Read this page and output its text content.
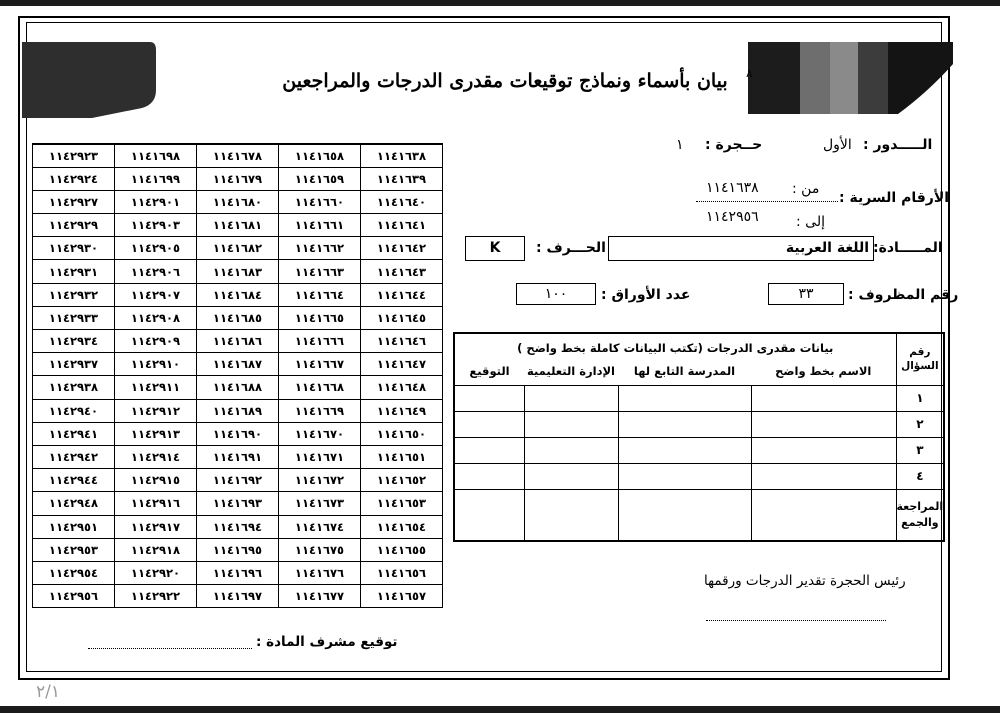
بيان بأسماء ونماذج توقيعات مقدرى الدرجات والمراجعين	٨
١١٤٢٩٢٣	١١٤١٦٩٨	١١٤١٦٧٨	١١٤١٦٥٨	١١٤١٦٣٨
١١٤٢٩٢٤	١١٤١٦٩٩	١١٤١٦٧٩	١١٤١٦٥٩	١١٤١٦٣٩
١١٤٢٩٢٧	١١٤٢٩٠١	١١٤١٦٨٠	١١٤١٦٦٠	١١٤١٦٤٠
١١٤٢٩٢٩	١١٤٢٩٠٣	١١٤١٦٨١	١١٤١٦٦١	١١٤١٦٤١
١١٤٢٩٣٠	١١٤٢٩٠٥	١١٤١٦٨٢	١١٤١٦٦٢	١١٤١٦٤٢
١١٤٢٩٣١	١١٤٢٩٠٦	١١٤١٦٨٣	١١٤١٦٦٣	١١٤١٦٤٣
١١٤٢٩٣٢	١١٤٢٩٠٧	١١٤١٦٨٤	١١٤١٦٦٤	١١٤١٦٤٤
١١٤٢٩٣٣	١١٤٢٩٠٨	١١٤١٦٨٥	١١٤١٦٦٥	١١٤١٦٤٥
١١٤٢٩٣٤	١١٤٢٩٠٩	١١٤١٦٨٦	١١٤١٦٦٦	١١٤١٦٤٦
١١٤٢٩٣٧	١١٤٢٩١٠	١١٤١٦٨٧	١١٤١٦٦٧	١١٤١٦٤٧
١١٤٢٩٣٨	١١٤٢٩١١	١١٤١٦٨٨	١١٤١٦٦٨	١١٤١٦٤٨
١١٤٢٩٤٠	١١٤٢٩١٢	١١٤١٦٨٩	١١٤١٦٦٩	١١٤١٦٤٩
١١٤٢٩٤١	١١٤٢٩١٣	١١٤١٦٩٠	١١٤١٦٧٠	١١٤١٦٥٠
١١٤٢٩٤٢	١١٤٢٩١٤	١١٤١٦٩١	١١٤١٦٧١	١١٤١٦٥١
١١٤٢٩٤٤	١١٤٢٩١٥	١١٤١٦٩٢	١١٤١٦٧٢	١١٤١٦٥٢
١١٤٢٩٤٨	١١٤٢٩١٦	١١٤١٦٩٣	١١٤١٦٧٣	١١٤١٦٥٣
١١٤٢٩٥١	١١٤٢٩١٧	١١٤١٦٩٤	١١٤١٦٧٤	١١٤١٦٥٤
١١٤٢٩٥٣	١١٤٢٩١٨	١١٤١٦٩٥	١١٤١٦٧٥	١١٤١٦٥٥
١١٤٢٩٥٤	١١٤٢٩٢٠	١١٤١٦٩٦	١١٤١٦٧٦	١١٤١٦٥٦
١١٤٢٩٥٦	١١٤٢٩٢٢	١١٤١٦٩٧	١١٤١٦٧٧	١١٤١٦٥٧
الـــــدور :
الأول
حــجرة :
١
الأرقام السرية :
من :
١١٤١٦٣٨
إلى :
١١٤٢٩٥٦
المـــــادة:
اللغة العربية
الحـــرف :
K
رقم المظروف :
٣٣
عدد الأوراق :
١٠٠
رقم السؤال	بيانات مقدرى الدرجات (تكتب البيانات كاملة بخط واضح )			
	الاسم بخط واضح	المدرسة التابع لها	الإدارة التعليمية	التوقيع
١				
٢				
٣				
٤				
المراجعة والجمع				
رئيس الحجرة تقدير الدرجات ورقمها
توقيع مشرف المادة :
٢/١
